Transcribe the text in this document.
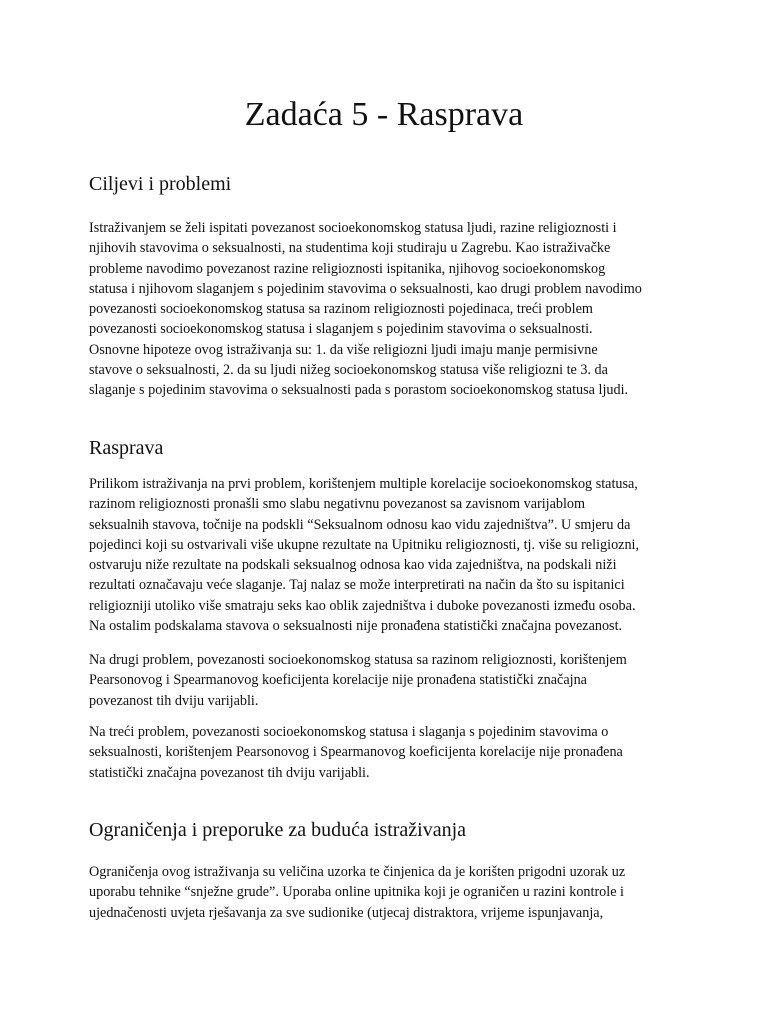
Zadaća 5 - Rasprava
Ciljevi i problemi

Istraživanjem se želi ispitati povezanost socioekonomskog statusa ljudi, razine religioznosti i
njihovih stavovima o seksualnosti, na studentima koji studiraju u Zagrebu. Kao istraživačke
probleme navodimo povezanost razine religioznosti ispitanika, njihovog socioekonomskog
statusa i njihovom slaganjem s pojedinim stavovima o seksualnosti, kao drugi problem navodimo
povezanosti socioekonomskog statusa sa razinom religioznosti pojedinaca, treći problem
povezanosti socioekonomskog statusa i slaganjem s pojedinim stavovima o seksualnosti.
Osnovne hipoteze ovog istraživanja su: 1. da više religiozni ljudi imaju manje permisivne
stavove o seksualnosti, 2. da su ljudi nižeg socioekonomskog statusa više religiozni te 3. da
slaganje s pojedinim stavovima o seksualnosti pada s porastom socioekonomskog statusa ljudi.

Rasprava

Prilikom istraživanja na prvi problem, korištenjem multiple korelacije socioekonomskog statusa,
razinom religioznosti pronašli smo slabu negativnu povezanost sa zavisnom varijablom
seksualnih stavova, točnije na podskli “Seksualnom odnosu kao vidu zajedništva”. U smjeru da
pojedinci koji su ostvarivali više ukupne rezultate na Upitniku religioznosti, tj. više su religiozni,
ostvaruju niže rezultate na podskali seksualnog odnosa kao vida zajedništva, na podskali niži
rezultati označavaju veće slaganje. Taj nalaz se može interpretirati na način da što su ispitanici
religiozniji utoliko više smatraju seks kao oblik zajedništva i duboke povezanosti između osoba.
Na ostalim podskalama stavova o seksualnosti nije pronađena statistički značajna povezanost.

Na drugi problem, povezanosti socioekonomskog statusa sa razinom religioznosti, korištenjem
Pearsonovog i Spearmanovog koeficijenta korelacije nije pronađena statistički značajna
povezanost tih dviju varijabli.

Na treći problem, povezanosti socioekonomskog statusa i slaganja s pojedinim stavovima o
seksualnosti, korištenjem Pearsonovog i Spearmanovog koeficijenta korelacije nije pronađena
statistički značajna povezanost tih dviju varijabli.

Ograničenja i preporuke za buduća istraživanja

Ograničenja ovog istraživanja su veličina uzorka te činjenica da je korišten prigodni uzorak uz
uporabu tehnike “snježne grude”. Uporaba online upitnika koji je ograničen u razini kontrole i
ujednačenosti uvjeta rješavanja za sve sudionike (utjecaj distraktora, vrijeme ispunjavanja,
